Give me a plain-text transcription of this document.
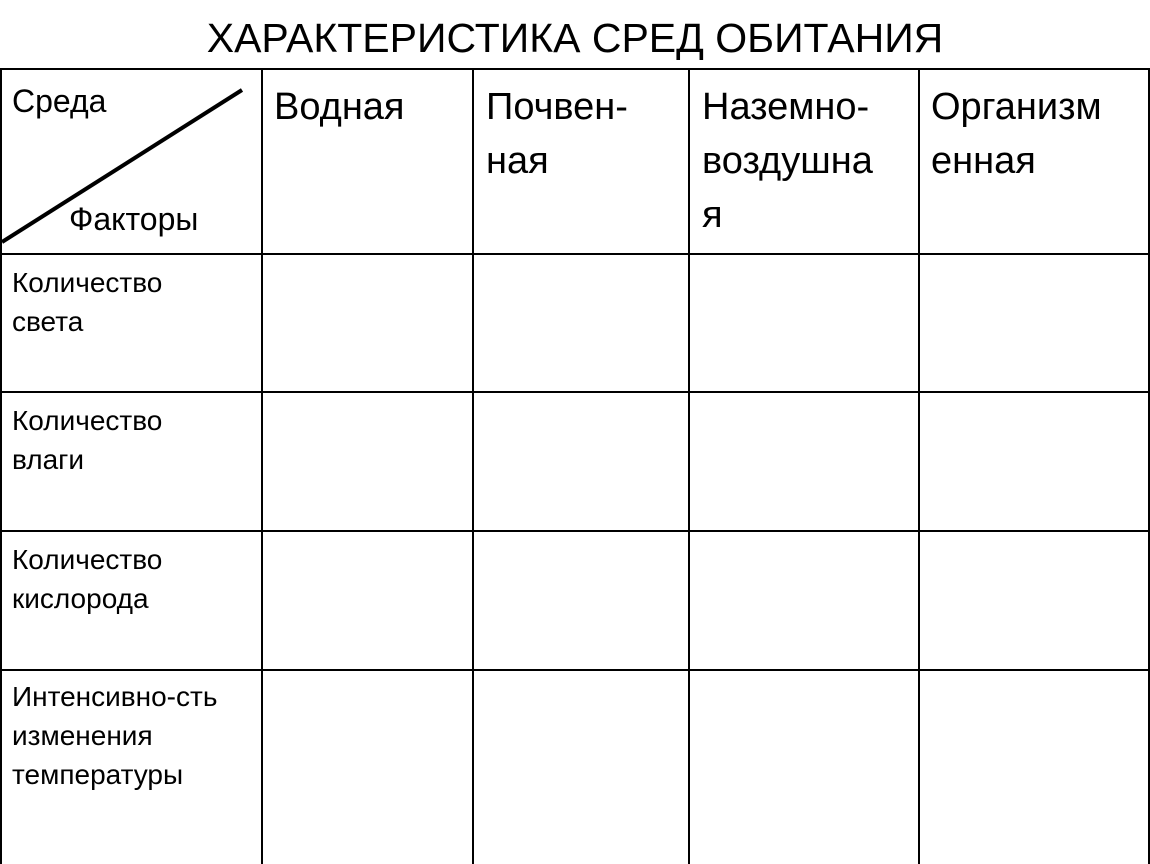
ХАРАКТЕРИСТИКА СРЕД ОБИТАНИЯ
Среда
Факторы
Водная Почвен-
ная
Наземно-
воздушна
я
Организм
енная
Количество
света
Количество
влаги
Количество
кислорода
Интенсивно-сть
изменения
температуры
